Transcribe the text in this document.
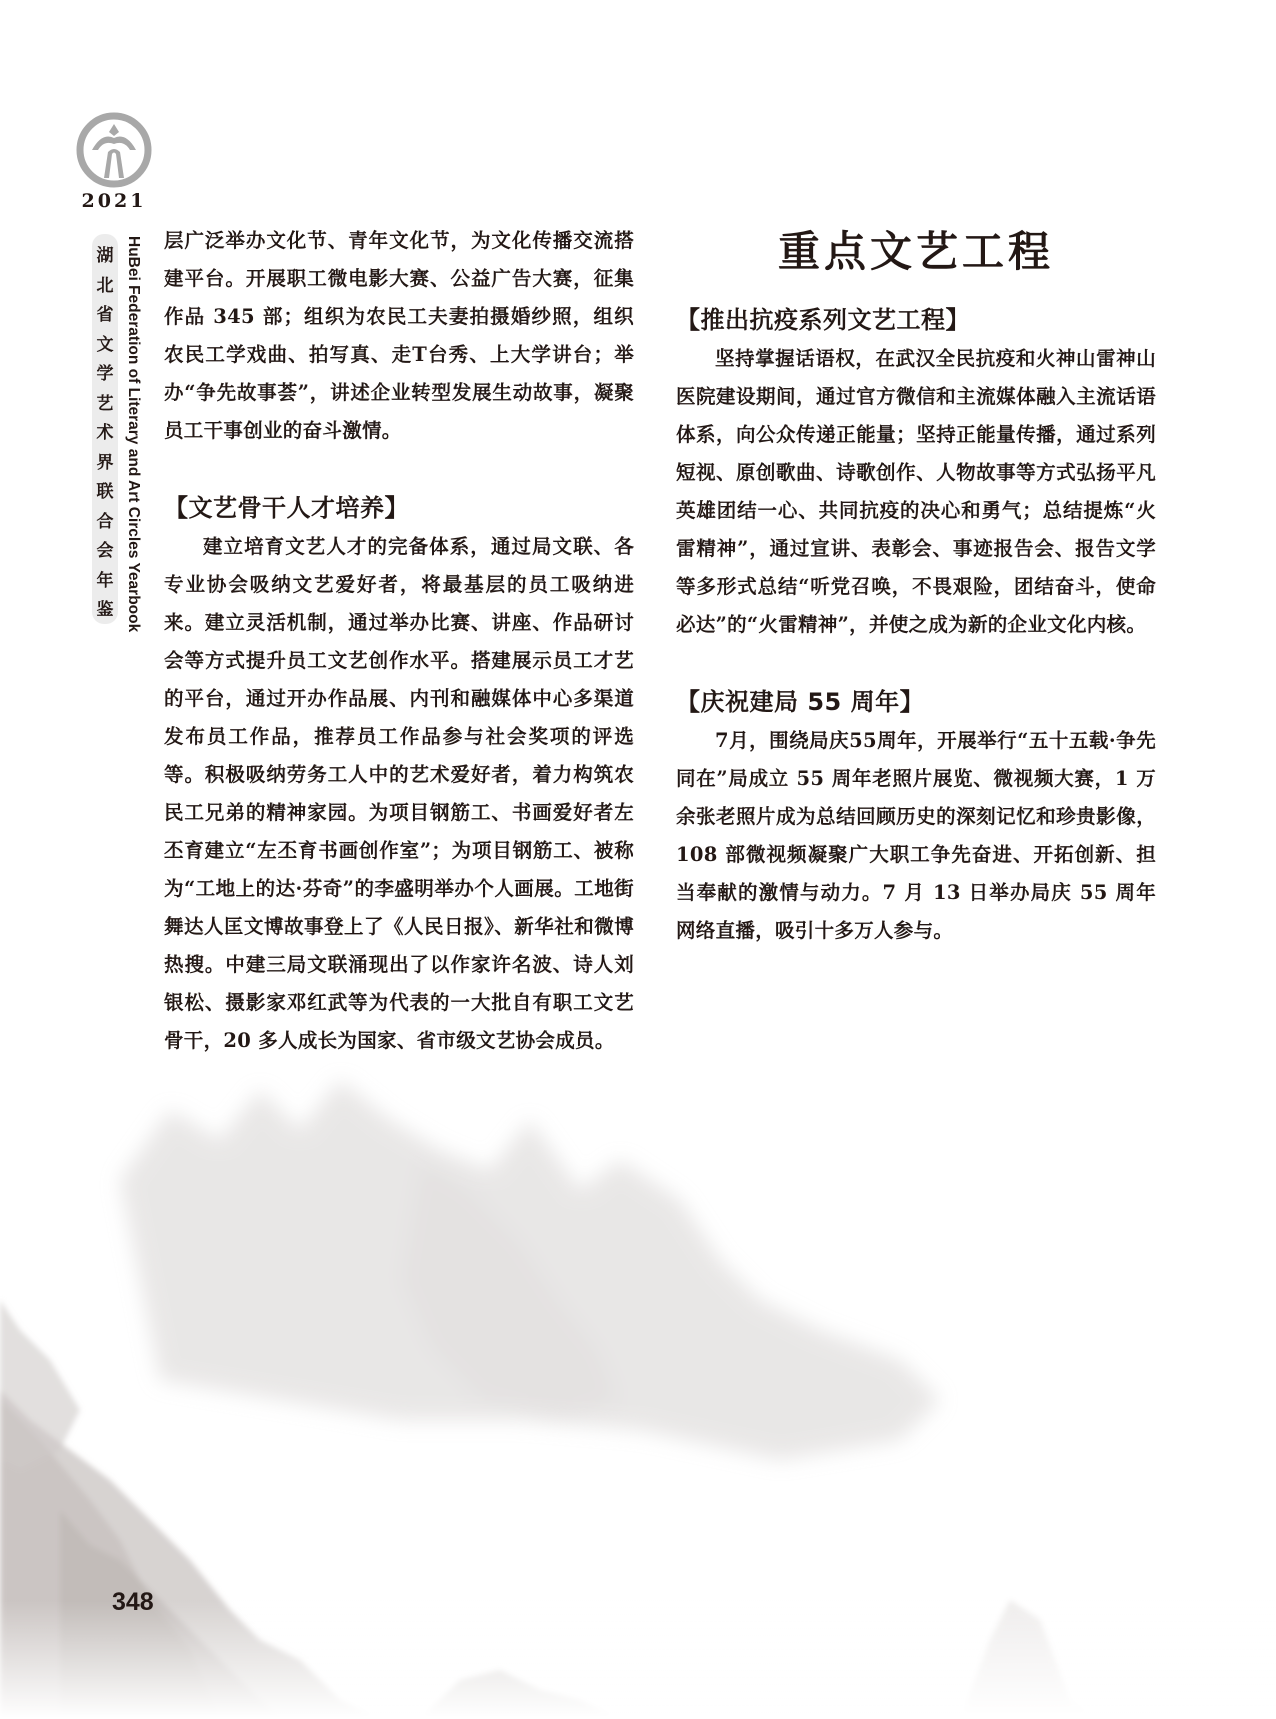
2021
湖
北
省
文
学
艺
术
界
联
合
会
年
鉴 HuBei Federation of Literary and Art Circles Yearbook 层广泛举办文化节、青年文化节，为文化传播交流搭建平台。开展职工微电影大赛、公益广告大赛，征集作品 345 部；组织为农民工夫妻拍摄婚纱照，组织农民工学戏曲、拍写真、走T台秀、上大学讲台；举办“争先故事荟”，讲述企业转型发展生动故事，凝聚员工干事创业的奋斗激情。

【文艺骨干人才培养】

建立培育文艺人才的完备体系，通过局文联、各专业协会吸纳文艺爱好者，将最基层的员工吸纳进来。建立灵活机制，通过举办比赛、讲座、作品研讨会等方式提升员工文艺创作水平。搭建展示员工才艺的平台，通过开办作品展、内刊和融媒体中心多渠道发布员工作品，推荐员工作品参与社会奖项的评选等。积极吸纳劳务工人中的艺术爱好者，着力构筑农民工兄弟的精神家园。为项目钢筋工、书画爱好者左丕育建立“左丕育书画创作室”；为项目钢筋工、被称为“工地上的达·芬奇”的李盛明举办个人画展。工地街舞达人匡文博故事登上了《人民日报》、新华社和微博热搜。中建三局文联涌现出了以作家许名波、诗人刘银松、摄影家邓红武等为代表的一大批自有职工文艺骨干，20 多人成长为国家、省市级文艺协会成员。

重点文艺工程
【推出抗疫系列文艺工程】

坚持掌握话语权，在武汉全民抗疫和火神山雷神山医院建设期间，通过官方微信和主流媒体融入主流话语体系，向公众传递正能量；坚持正能量传播，通过系列短视、原创歌曲、诗歌创作、人物故事等方式弘扬平凡英雄团结一心、共同抗疫的决心和勇气；总结提炼“火雷精神”，通过宣讲、表彰会、事迹报告会、报告文学等多形式总结“听党召唤，不畏艰险，团结奋斗，使命必达”的“火雷精神”，并使之成为新的企业文化内核。

【庆祝建局 55 周年】

7月，围绕局庆55周年，开展举行“五十五载·争先同在”局成立 55 周年老照片展览、微视频大赛，1 万余张老照片成为总结回顾历史的深刻记忆和珍贵影像，108 部微视频凝聚广大职工争先奋进、开拓创新、担当奉献的激情与动力。7 月 13 日举办局庆 55 周年网络直播，吸引十多万人参与。

348
